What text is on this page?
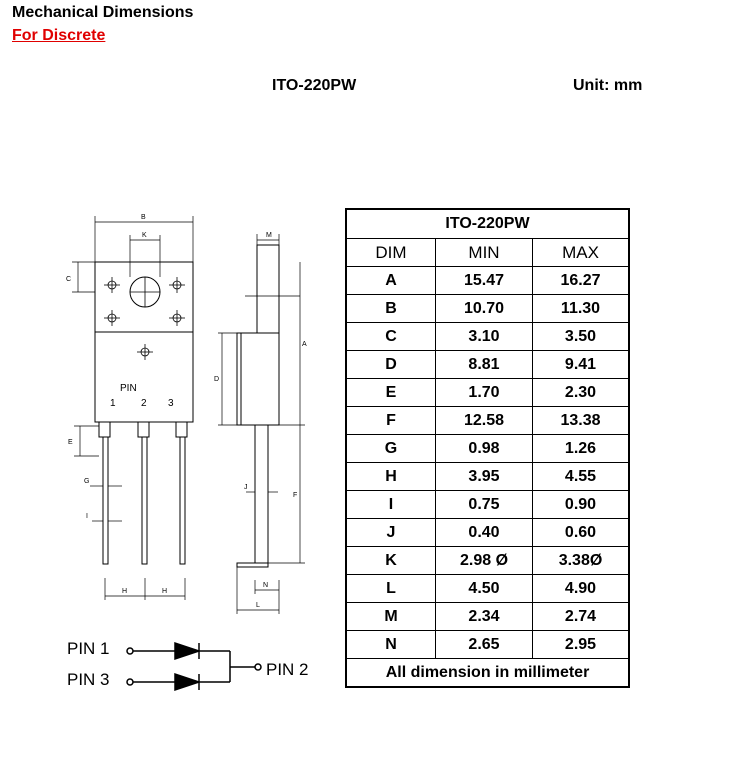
Mechanical Dimensions
For Discrete
ITO-220PW	Unit: mm
PIN
1	2 3
B
K
C
E
G
I
H	H
M
A
D
F
J
N
L
PIN 1
PIN 3
PIN 2
ITO-220PW		
DIM	MIN	MAX
A	15.47	16.27
B	10.70	11.30
C	3.10	3.50
D	8.81	9.41
E	1.70	2.30
F	12.58	13.38
G	0.98	1.26
H	3.95	4.55
I	0.75	0.90
J	0.40	0.60
K	2.98 Ø	3.38Ø
L	4.50	4.90
M	2.34	2.74
N	2.65	2.95
All dimension in millimeter		
